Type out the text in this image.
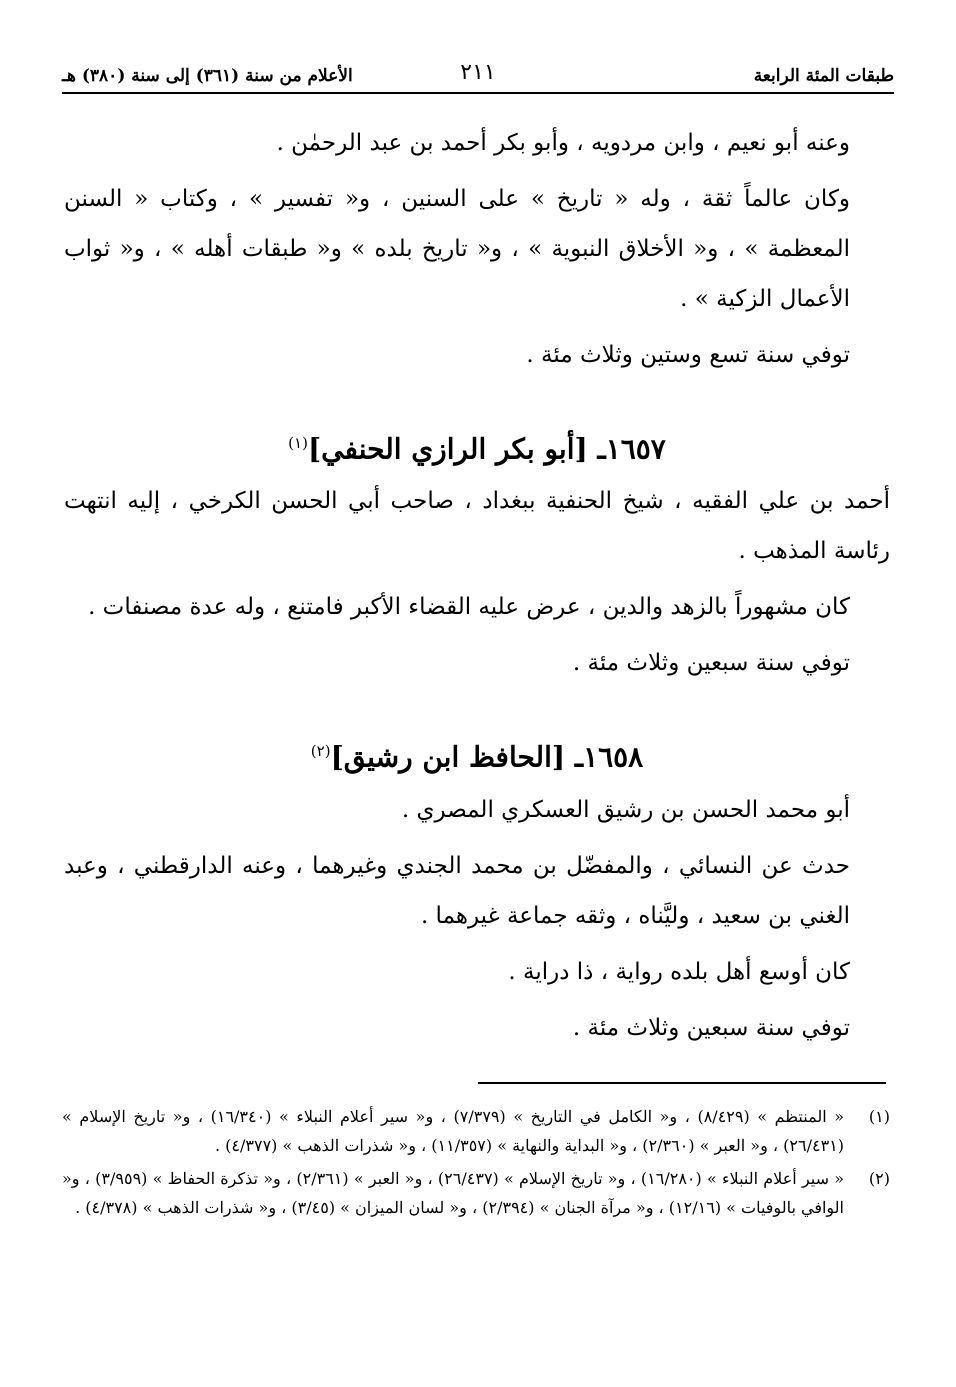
طبقات المئة الرابعة
٢١١
الأعلام من سنة (٣٦١) إلى سنة (٣٨٠) هـ

وعنه أبو نعيم ، وابن مردويه ، وأبو بكر أحمد بن عبد الرحمٰن .

وكان عالماً ثقة ، وله « تاريخ » على السنين ، و« تفسير » ، وكتاب « السنن المعظمة » ، و« الأخلاق النبوية » ، و« تاريخ بلده » و« طبقات أهله » ، و« ثواب الأعمال الزكية » .

توفي سنة تسع وستين وثلاث مئة .

١٦٥٧ـ [أبو بكر الرازي الحنفي]$^{(١)}$

أحمد بن علي الفقيه ، شيخ الحنفية ببغداد ، صاحب أبي الحسن الكرخي ، إليه انتهت رئاسة المذهب .

كان مشهوراً بالزهد والدين ، عرض عليه القضاء الأكبر فامتنع ، وله عدة مصنفات .

توفي سنة سبعين وثلاث مئة .

١٦٥٨ـ [الحافظ ابن رشيق]$^{(٢)}$

أبو محمد الحسن بن رشيق العسكري المصري .

حدث عن النسائي ، والمفضّل بن محمد الجندي وغيرهما ، وعنه الدارقطني ، وعبد الغني بن سعيد ، وليَّناه ، وثقه جماعة غيرهما .

كان أوسع أهل بلده رواية ، ذا دراية .

توفي سنة سبعين وثلاث مئة .

(١)
« المنتظم » (٨/٤٢٩) ، و« الكامل في التاريخ » (٧/٣٧٩) ، و« سير أعلام النبلاء » (١٦/٣٤٠) ، و« تاريخ الإسلام » (٢٦/٤٣١) ، و« العبر » (٢/٣٦٠) ، و« البداية والنهاية » (١١/٣٥٧) ، و« شذرات الذهب » (٤/٣٧٧) .
(٢)
« سير أعلام النبلاء » (١٦/٢٨٠) ، و« تاريخ الإسلام » (٢٦/٤٣٧) ، و« العبر » (٢/٣٦١) ، و« تذكرة الحفاظ » (٣/٩٥٩) ، و« الوافي بالوفيات » (١٢/١٦) ، و« مرآة الجنان » (٢/٣٩٤) ، و« لسان الميزان » (٣/٤٥) ، و« شذرات الذهب » (٤/٣٧٨) .
